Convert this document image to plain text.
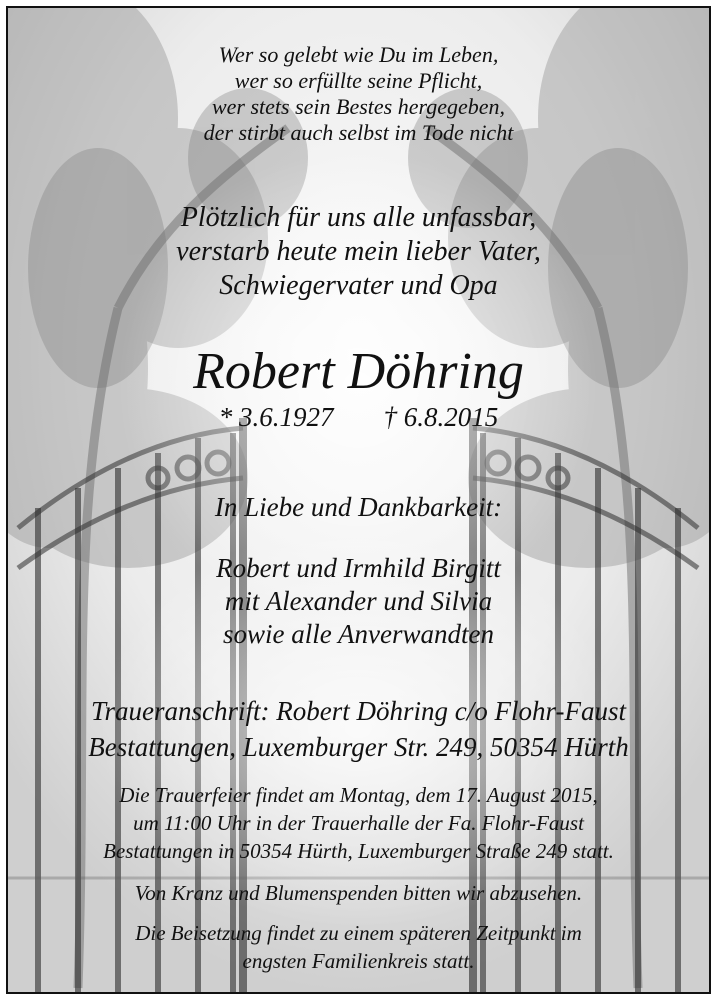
Wer so gelebt wie Du im Leben,
wer so erfüllte seine Pflicht,
wer stets sein Bestes hergegeben,
der stirbt auch selbst im Tode nicht
Plötzlich für uns alle unfassbar,
verstarb heute mein lieber Vater,
Schwiegervater und Opa
Robert Döhring
* 3.6.1927 † 6.8.2015
In Liebe und Dankbarkeit:
Robert und Irmhild Birgitt
mit Alexander und Silvia
sowie alle Anverwandten
Traueranschrift: Robert Döhring c/o Flohr-Faust
Bestattungen, Luxemburger Str. 249, 50354 Hürth
Die Trauerfeier findet am Montag, dem 17. August 2015,
um 11:00 Uhr in der Trauerhalle der Fa. Flohr-Faust
Bestattungen in 50354 Hürth, Luxemburger Straße 249 statt.
Von Kranz und Blumenspenden bitten wir abzusehen.
Die Beisetzung findet zu einem späteren Zeitpunkt im
engsten Familienkreis statt.
